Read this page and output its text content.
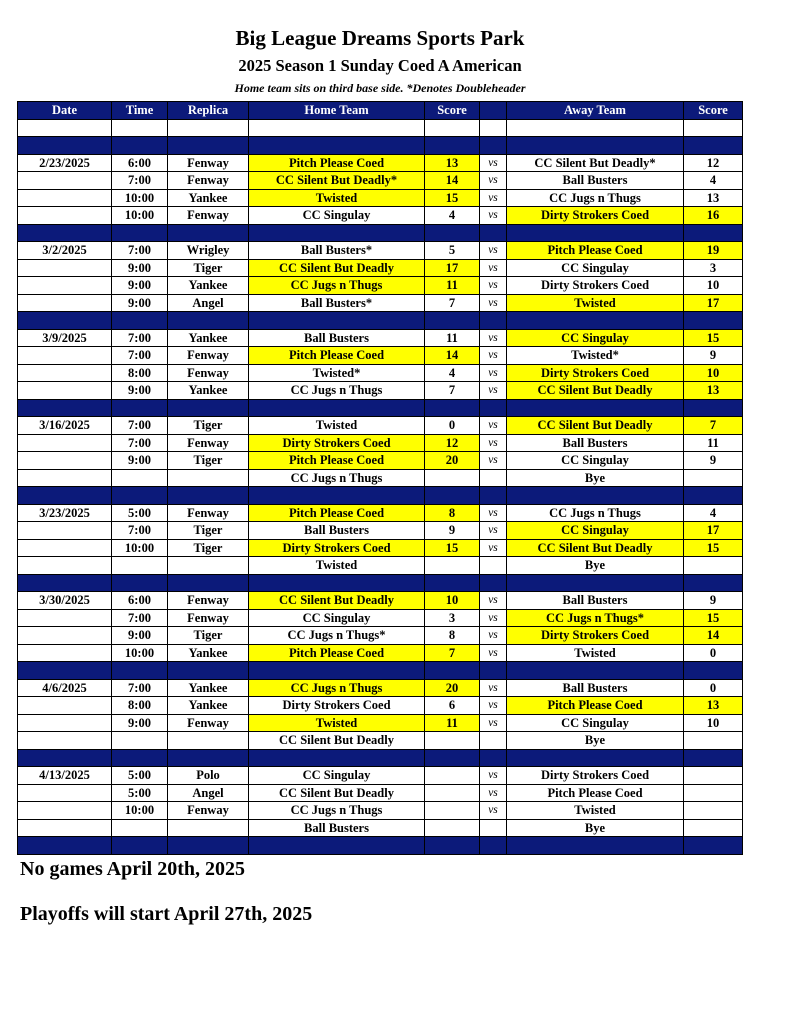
Big League Dreams Sports Park
2025 Season 1 Sunday Coed A American
Home team sits on third base side. *Denotes Doubleheader
Date	Time	Replica	Home Team	Score		Away Team	Score

2/23/2025	6:00	Fenway	Pitch Please Coed	13	vs	CC Silent But Deadly*	12
	7:00	Fenway	CC Silent But Deadly*	14	vs	Ball Busters	4
	10:00	Yankee	Twisted	15	vs	CC Jugs n Thugs	13
	10:00	Fenway	CC Singulay	4	vs	Dirty Strokers Coed	16

3/2/2025	7:00	Wrigley	Ball Busters*	5	vs	Pitch Please Coed	19
	9:00	Tiger	CC Silent But Deadly	17	vs	CC Singulay	3
	9:00	Yankee	CC Jugs n Thugs	11	vs	Dirty Strokers Coed	10
	9:00	Angel	Ball Busters*	7	vs	Twisted	17

3/9/2025	7:00	Yankee	Ball Busters	11	vs	CC Singulay	15
	7:00	Fenway	Pitch Please Coed	14	vs	Twisted*	9
	8:00	Fenway	Twisted*	4	vs	Dirty Strokers Coed	10
	9:00	Yankee	CC Jugs n Thugs	7	vs	CC Silent But Deadly	13

3/16/2025	7:00	Tiger	Twisted	0	vs	CC Silent But Deadly	7
	7:00	Fenway	Dirty Strokers Coed	12	vs	Ball Busters	11
	9:00	Tiger	Pitch Please Coed	20	vs	CC Singulay	9
			CC Jugs n Thugs			Bye	

3/23/2025	5:00	Fenway	Pitch Please Coed	8	vs	CC Jugs n Thugs	4
	7:00	Tiger	Ball Busters	9	vs	CC Singulay	17
	10:00	Tiger	Dirty Strokers Coed	15	vs	CC Silent But Deadly	15
			Twisted			Bye	

3/30/2025	6:00	Fenway	CC Silent But Deadly	10	vs	Ball Busters	9
	7:00	Fenway	CC Singulay	3	vs	CC Jugs n Thugs*	15
	9:00	Tiger	CC Jugs n Thugs*	8	vs	Dirty Strokers Coed	14
	10:00	Yankee	Pitch Please Coed	7	vs	Twisted	0

4/6/2025	7:00	Yankee	CC Jugs n Thugs	20	vs	Ball Busters	0
	8:00	Yankee	Dirty Strokers Coed	6	vs	Pitch Please Coed	13
	9:00	Fenway	Twisted	11	vs	CC Singulay	10
			CC Silent But Deadly			Bye	

4/13/2025	5:00	Polo	CC Singulay		vs	Dirty Strokers Coed	
	5:00	Angel	CC Silent But Deadly		vs	Pitch Please Coed	
	10:00	Fenway	CC Jugs n Thugs		vs	Twisted	
			Ball Busters			Bye	

No games April 20th, 2025
Playoffs will start April 27th, 2025
